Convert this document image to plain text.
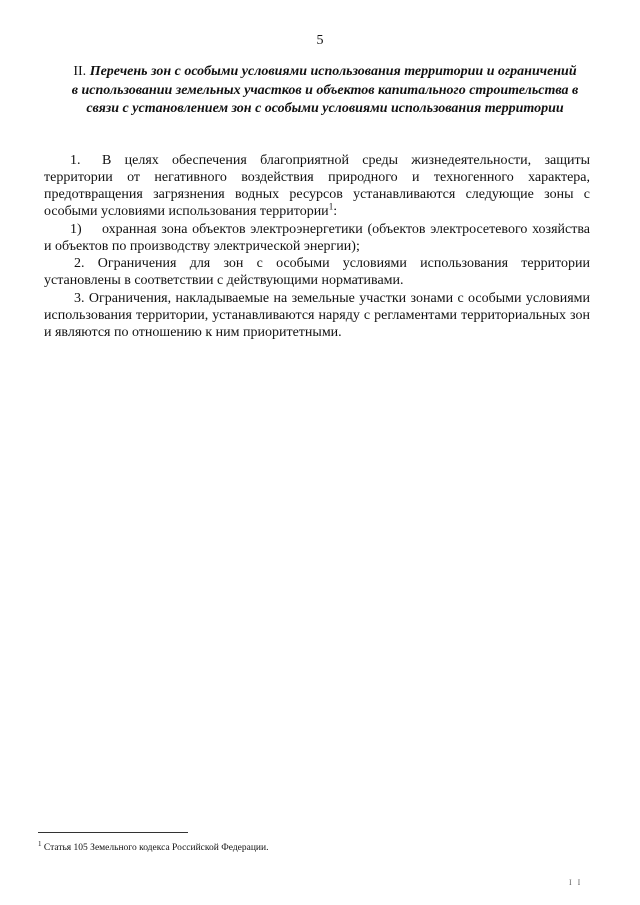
5
II. Перечень зон с особыми условиями использования территории и ограничений в использовании земельных участков и объектов капитального строительства в связи с установлением зон с особыми условиями использования территории

1. В целях обеспечения благоприятной среды жизнедеятельности, защиты территории от негативного воздействия природного и техногенного характера, предотвращения загрязнения водных ресурсов устанавливаются следующие зоны с особыми условиями использования территории$^1$:

1) охранная зона объектов электроэнергетики (объектов электросетевого хозяйства и объектов по производству электрической энергии);

2. Ограничения для зон с особыми условиями использования территории установлены в соответствии с действующими нормативами.

3. Ограничения, накладываемые на земельные участки зонами с особыми условиями использования территории, устанавливаются наряду с регламентами территориальных зон и являются по отношению к ним приоритетными.

$^1$ Статья 105 Земельного кодекса Российской Федерации.
I I
